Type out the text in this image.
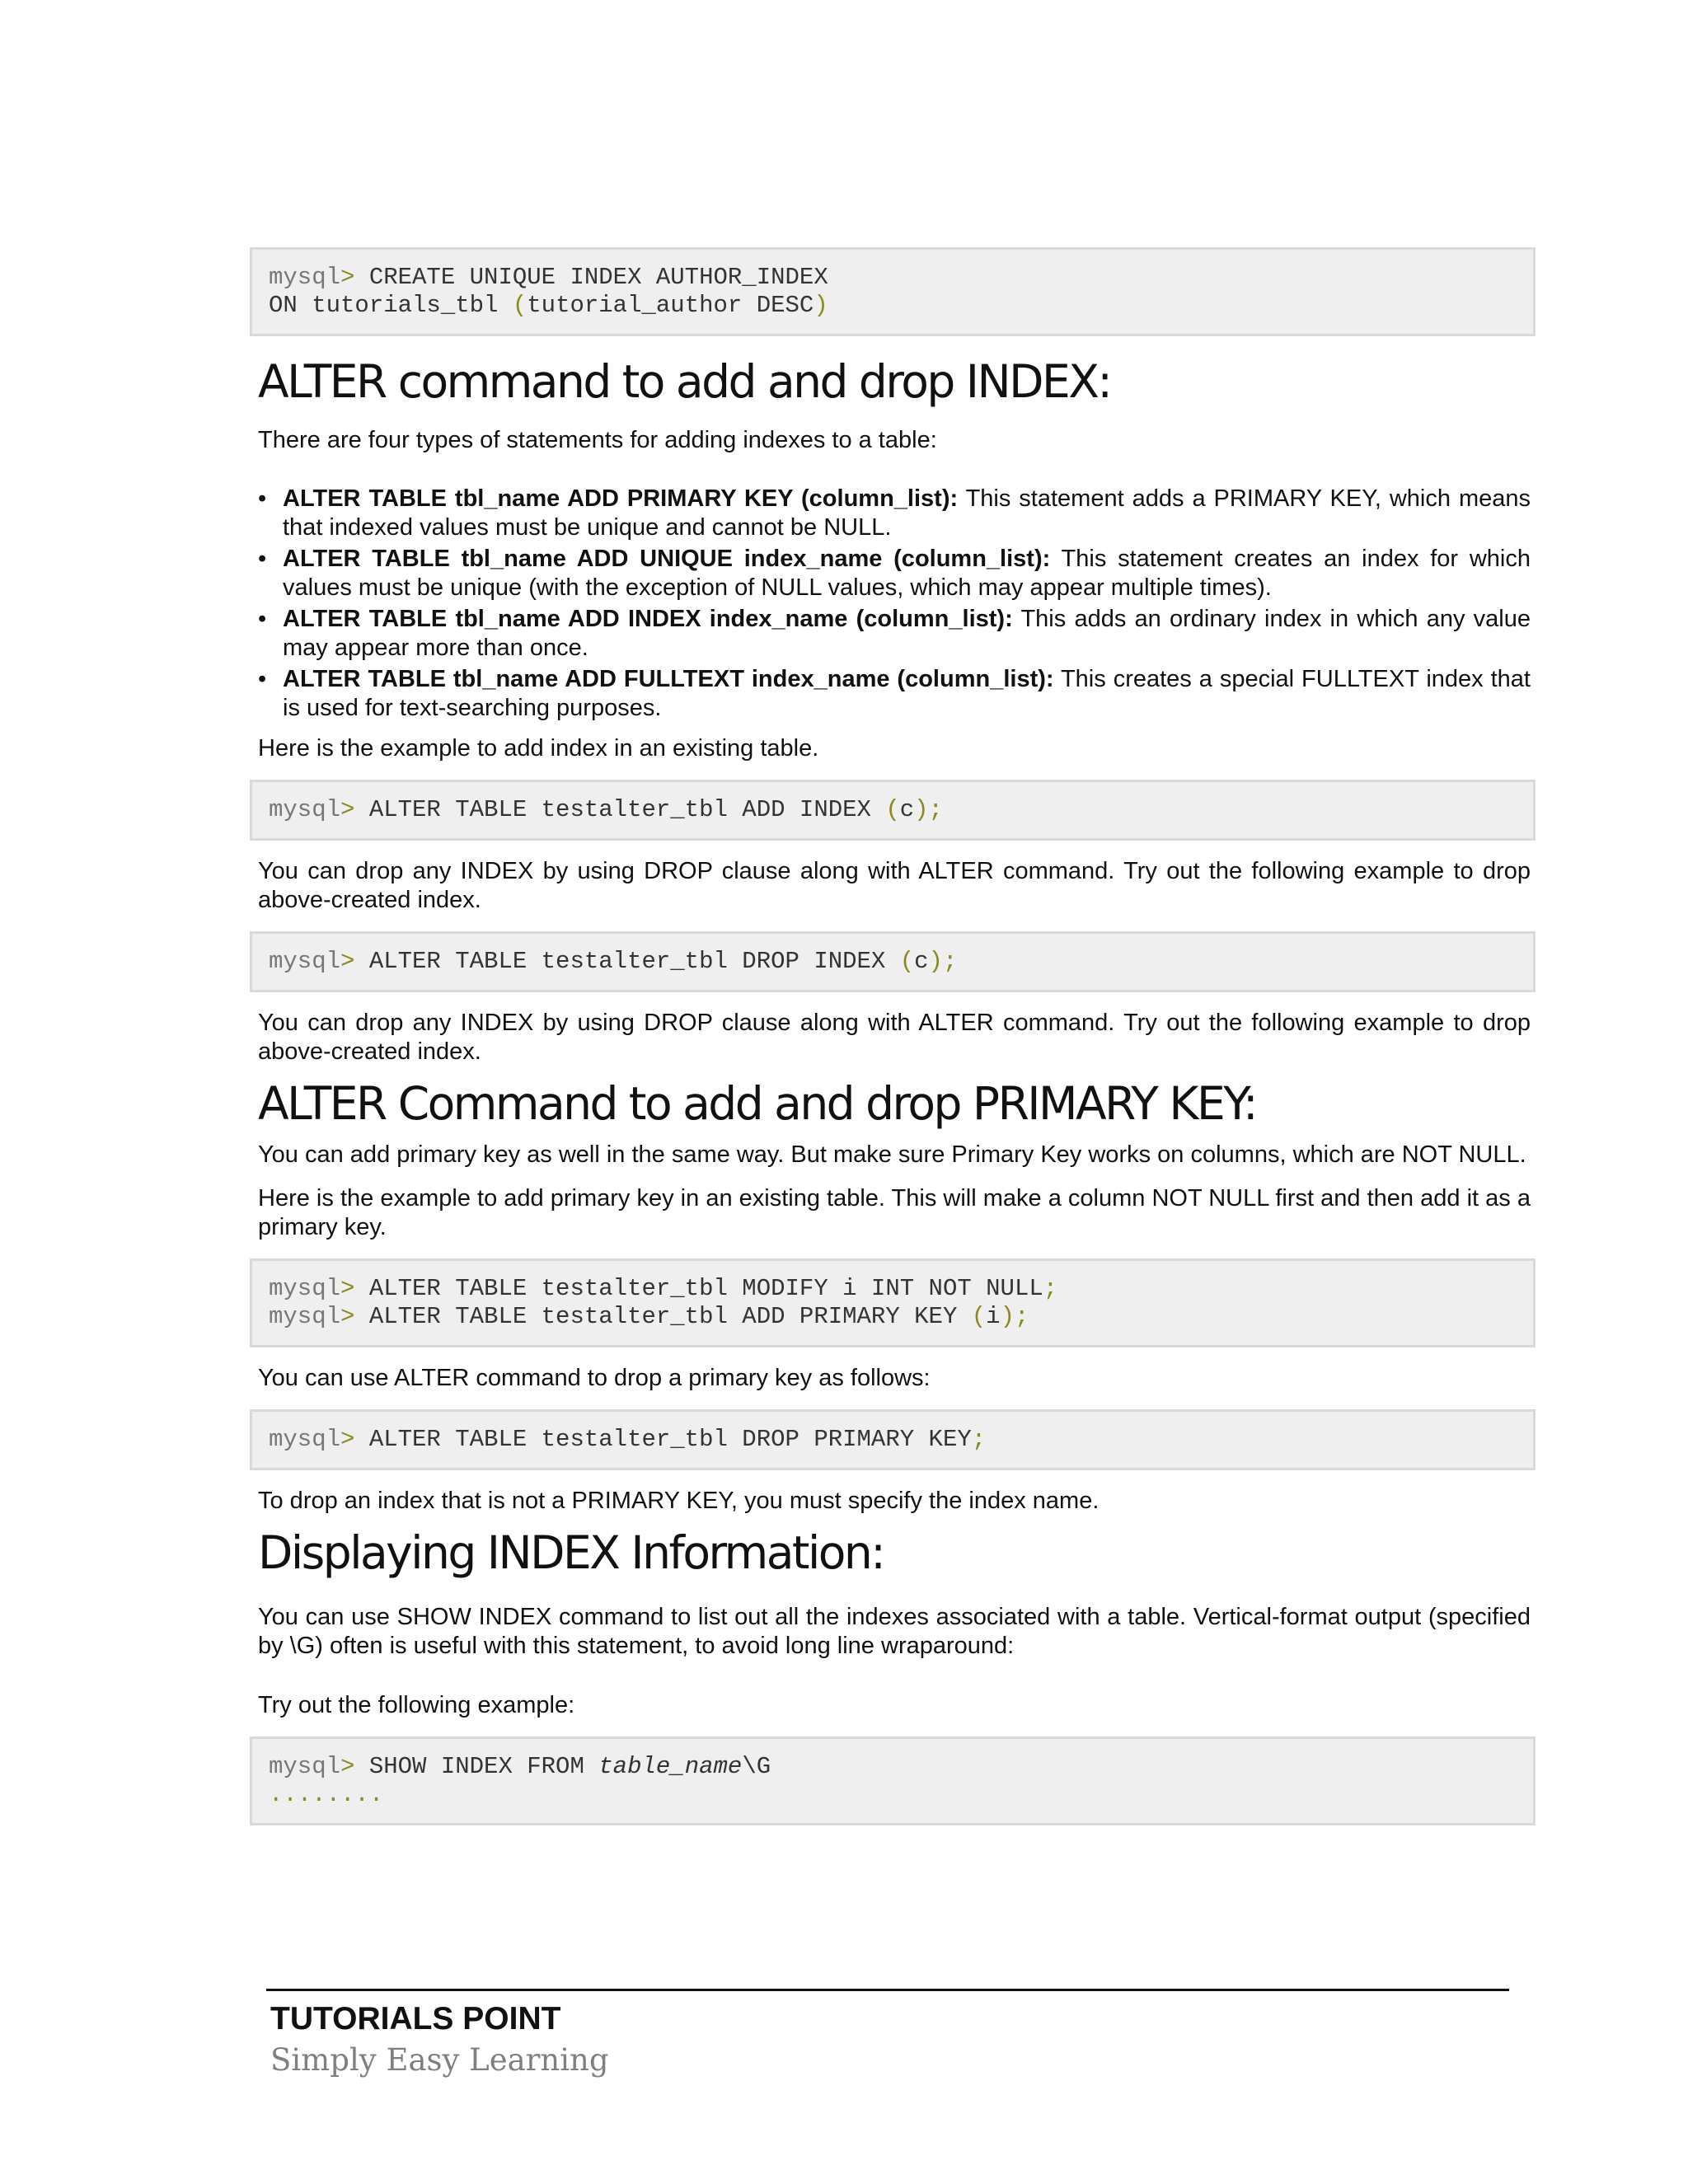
mysql> CREATE UNIQUE INDEX AUTHOR_INDEX
ON tutorials_tbl (tutorial_author DESC)
ALTER command to add and drop INDEX:

There are four types of statements for adding indexes to a table:

• ALTER TABLE tbl_name ADD PRIMARY KEY (column_list): This statement adds a PRIMARY KEY, which means that indexed values must be unique and cannot be NULL.
• ALTER TABLE tbl_name ADD UNIQUE index_name (column_list): This statement creates an index for which values must be unique (with the exception of NULL values, which may appear multiple times).
• ALTER TABLE tbl_name ADD INDEX index_name (column_list): This adds an ordinary index in which any value may appear more than once.
• ALTER TABLE tbl_name ADD FULLTEXT index_name (column_list): This creates a special FULLTEXT index that is used for text-searching purposes.

Here is the example to add index in an existing table.

mysql> ALTER TABLE testalter_tbl ADD INDEX (c);

You can drop any INDEX by using DROP clause along with ALTER command. Try out the following example to drop above-created index.

mysql> ALTER TABLE testalter_tbl DROP INDEX (c);

You can drop any INDEX by using DROP clause along with ALTER command. Try out the following example to drop above-created index.

ALTER Command to add and drop PRIMARY KEY:

You can add primary key as well in the same way. But make sure Primary Key works on columns, which are NOT NULL.

Here is the example to add primary key in an existing table. This will make a column NOT NULL first and then add it as a primary key.

mysql> ALTER TABLE testalter_tbl MODIFY i INT NOT NULL;
mysql> ALTER TABLE testalter_tbl ADD PRIMARY KEY (i);

You can use ALTER command to drop a primary key as follows:

mysql> ALTER TABLE testalter_tbl DROP PRIMARY KEY;

To drop an index that is not a PRIMARY KEY, you must specify the index name.

Displaying INDEX Information:

You can use SHOW INDEX command to list out all the indexes associated with a table. Vertical-format output (specified by \G) often is useful with this statement, to avoid long line wraparound:

Try out the following example:

mysql> SHOW INDEX FROM table_name\G
........
TUTORIALS POINT
Simply Easy Learning
